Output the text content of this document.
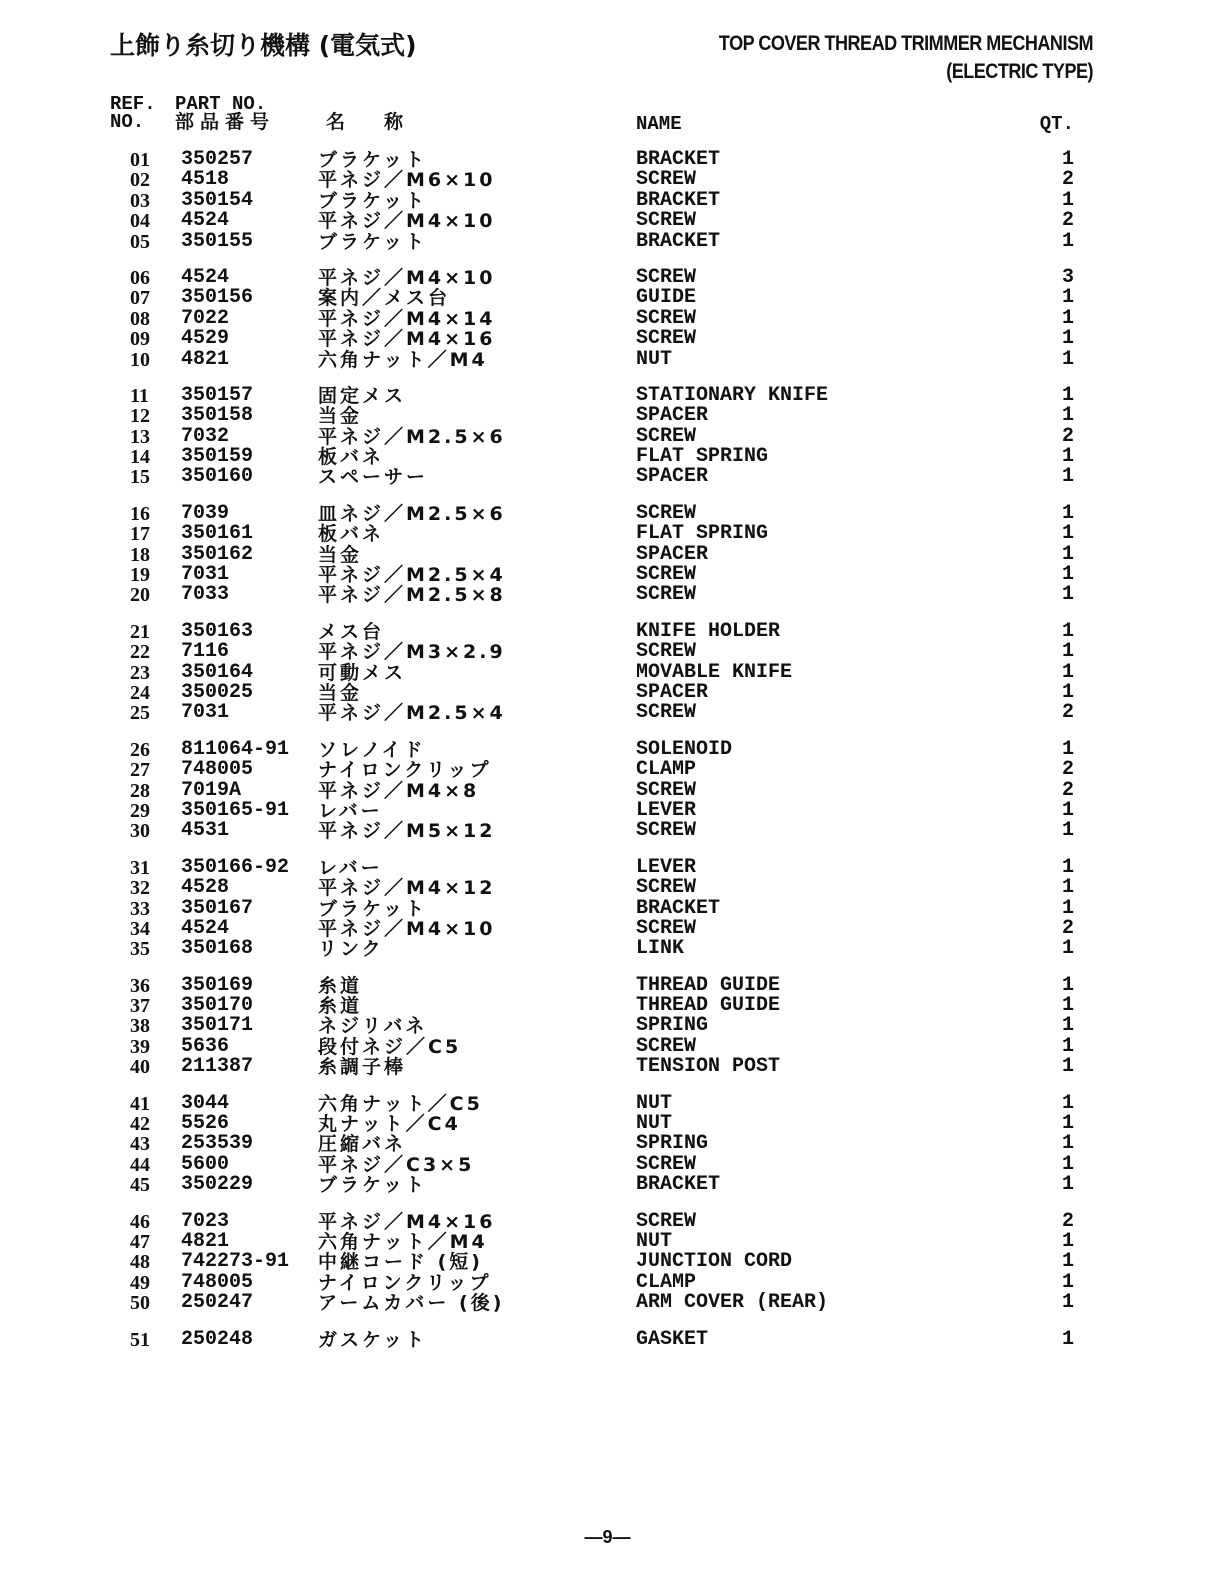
上飾り糸切り機構 (電気式)	TOP COVER THREAD TRIMMER MECHANISM
(ELECTRIC TYPE)
REF.
NO.
PART NO.
部品番号	名　称	NAME	QT.
01 350257	ブラケット	BRACKET	1
02 4518	平ネジ／M6×10	SCREW	2
03 350154	ブラケット	BRACKET	1
04 4524	平ネジ／M4×10	SCREW	2
05 350155	ブラケット	BRACKET	1
06 4524	平ネジ／M4×10	SCREW	3
07 350156	案内／メス台	GUIDE	1
08 7022	平ネジ／M4×14	SCREW	1
09 4529	平ネジ／M4×16	SCREW	1
10 4821	六角ナット／M4	NUT	1
11 350157	固定メス	STATIONARY KNIFE	1
12 350158	当金	SPACER	1
13 7032	平ネジ／M2.5×6	SCREW	2
14 350159	板バネ	FLAT SPRING	1
15 350160	スペーサー	SPACER	1
16 7039	皿ネジ／M2.5×6	SCREW	1
17 350161	板バネ	FLAT SPRING	1
18 350162	当金	SPACER	1
19 7031	平ネジ／M2.5×4	SCREW	1
20 7033	平ネジ／M2.5×8	SCREW	1
21 350163	メス台	KNIFE HOLDER	1
22 7116	平ネジ／M3×2.9	SCREW	1
23 350164	可動メス	MOVABLE KNIFE	1
24 350025	当金	SPACER	1
25 7031	平ネジ／M2.5×4	SCREW	2
26 811064-91 ソレノイド	SOLENOID	1
27 748005	ナイロンクリップ	CLAMP	2
28 7019A	平ネジ／M4×8	SCREW	2
29 350165-91 レバー	LEVER	1
30 4531	平ネジ／M5×12	SCREW	1
31 350166-92 レバー	LEVER	1
32 4528	平ネジ／M4×12	SCREW	1
33 350167	ブラケット	BRACKET	1
34 4524	平ネジ／M4×10	SCREW	2
35 350168	リンク	LINK	1
36 350169	糸道	THREAD GUIDE	1
37 350170	糸道	THREAD GUIDE	1
38 350171	ネジリバネ	SPRING	1
39 5636	段付ネジ／C5	SCREW	1
40 211387	糸調子棒	TENSION POST	1
41 3044	六角ナット／C5	NUT	1
42 5526	丸ナット／C4	NUT	1
43 253539	圧縮バネ	SPRING	1
44 5600	平ネジ／C3×5	SCREW	1
45 350229	ブラケット	BRACKET	1
46 7023	平ネジ／M4×16	SCREW	2
47 4821	六角ナット／M4	NUT	1
48 742273-91 中継コード (短)	JUNCTION CORD	1
49 748005	ナイロンクリップ	CLAMP	1
50 250247	アームカバー (後)	ARM COVER (REAR)	1
51 250248	ガスケット	GASKET	1
—9—
